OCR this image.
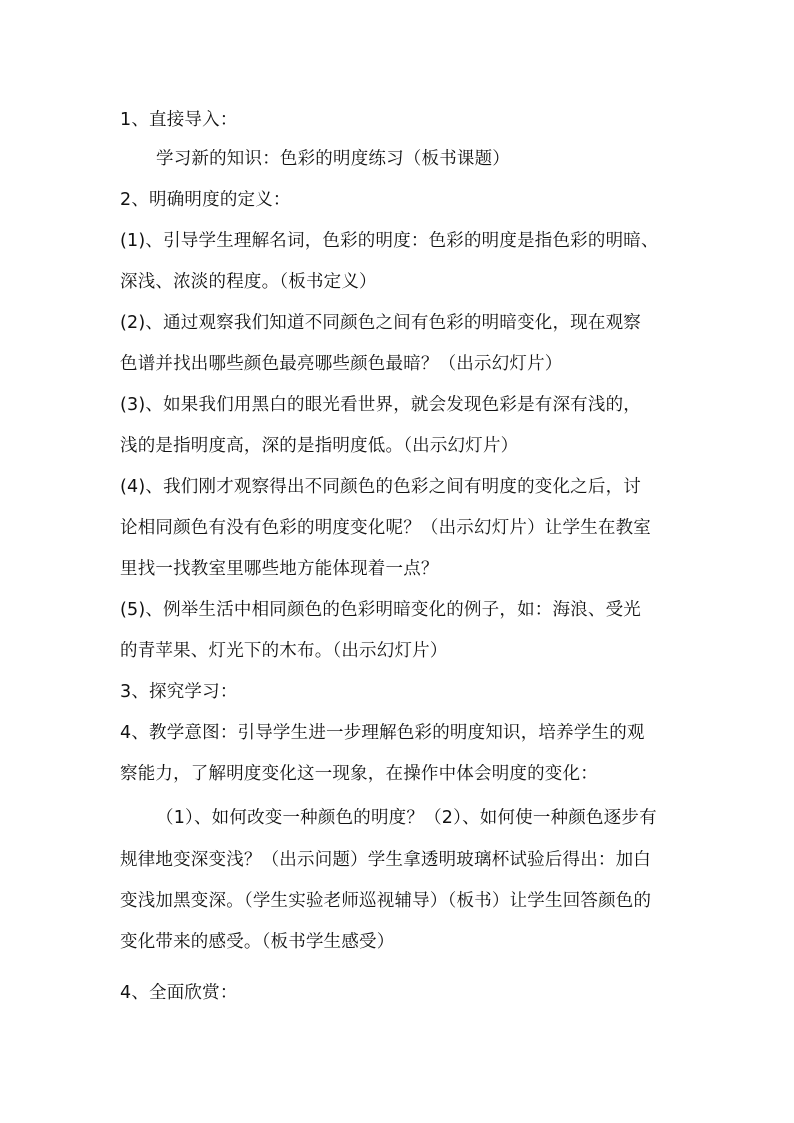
1、直接导入：
学习新的知识：色彩的明度练习（板书课题）
2、明确明度的定义：
(1)、引导学生理解名词，色彩的明度：色彩的明度是指色彩的明暗、
深浅、浓淡的程度。（板书定义）
(2)、通过观察我们知道不同颜色之间有色彩的明暗变化，现在观察
色谱并找出哪些颜色最亮哪些颜色最暗？（出示幻灯片）
(3)、如果我们用黑白的眼光看世界，就会发现色彩是有深有浅的，
浅的是指明度高，深的是指明度低。（出示幻灯片）
(4)、我们刚才观察得出不同颜色的色彩之间有明度的变化之后，讨
论相同颜色有没有色彩的明度变化呢？（出示幻灯片）让学生在教室
里找一找教室里哪些地方能体现着一点？
(5)、例举生活中相同颜色的色彩明暗变化的例子，如：海浪、受光
的青苹果、灯光下的木布。（出示幻灯片）
3、探究学习：
4、教学意图：引导学生进一步理解色彩的明度知识，培养学生的观
察能力，了解明度变化这一现象，在操作中体会明度的变化：
（1）、如何改变一种颜色的明度？（2）、如何使一种颜色逐步有
规律地变深变浅？（出示问题）学生拿透明玻璃杯试验后得出：加白
变浅加黑变深。（学生实验老师巡视辅导）（板书）让学生回答颜色的
变化带来的感受。（板书学生感受）
4、全面欣赏：
